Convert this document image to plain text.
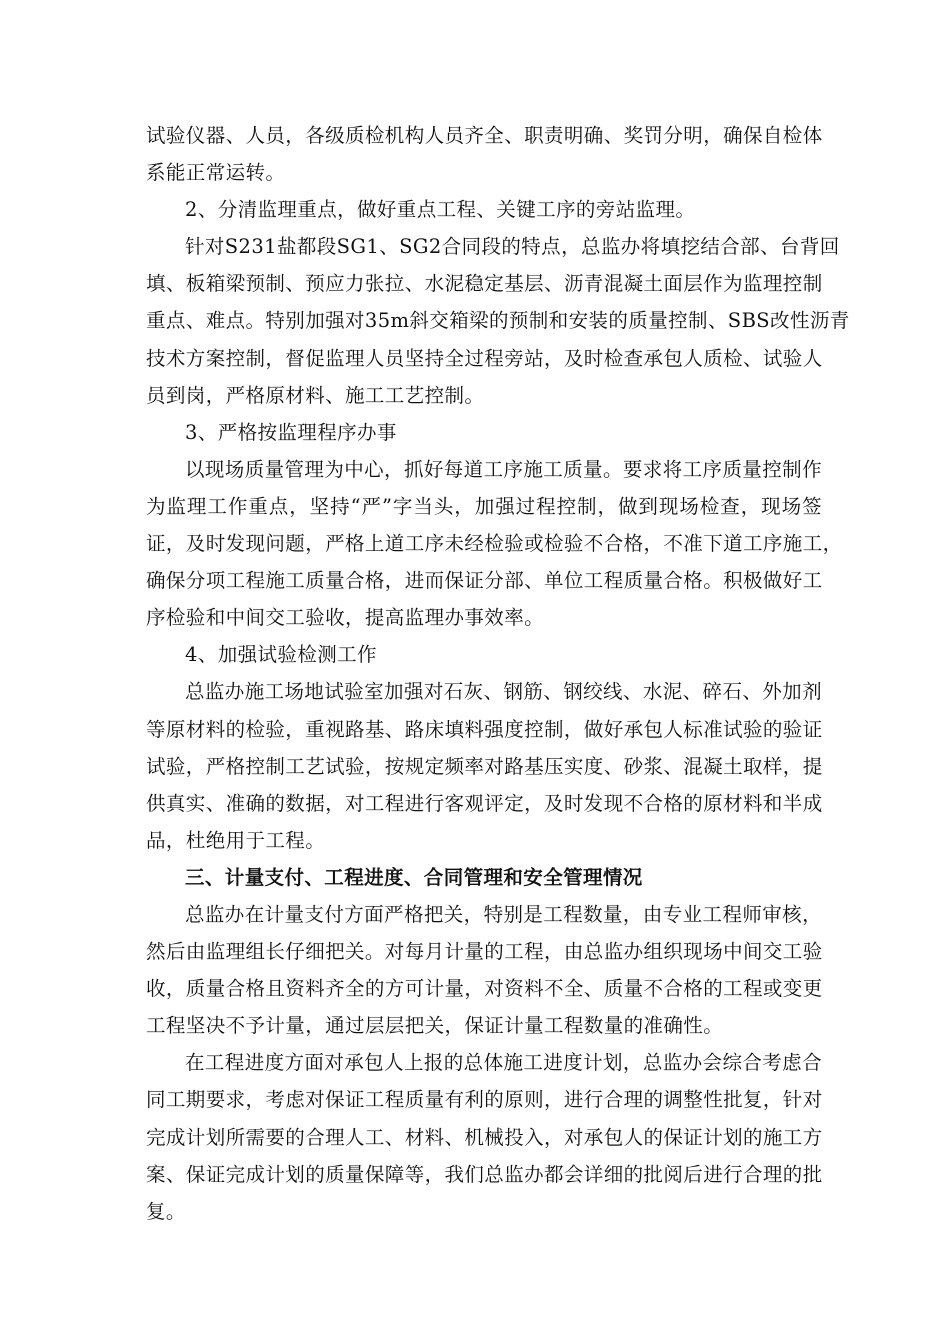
试验仪器、人员，各级质检机构人员齐全、职责明确、奖罚分明，确保自检体
系能正常运转。
2、分清监理重点，做好重点工程、关键工序的旁站监理。
针对S231盐都段SG1、SG2合同段的特点，总监办将填挖结合部、台背回
填、板箱梁预制、预应力张拉、水泥稳定基层、沥青混凝土面层作为监理控制
重点、难点。特别加强对35m斜交箱梁的预制和安装的质量控制、SBS改性沥青
技术方案控制，督促监理人员坚持全过程旁站，及时检查承包人质检、试验人
员到岗，严格原材料、施工工艺控制。
3、严格按监理程序办事
以现场质量管理为中心，抓好每道工序施工质量。要求将工序质量控制作
为监理工作重点，坚持“严”字当头，加强过程控制，做到现场检查，现场签
证，及时发现问题，严格上道工序未经检验或检验不合格，不准下道工序施工，
确保分项工程施工质量合格，进而保证分部、单位工程质量合格。积极做好工
序检验和中间交工验收，提高监理办事效率。
4、加强试验检测工作
总监办施工场地试验室加强对石灰、钢筋、钢绞线、水泥、碎石、外加剂
等原材料的检验，重视路基、路床填料强度控制，做好承包人标准试验的验证
试验，严格控制工艺试验，按规定频率对路基压实度、砂浆、混凝土取样，提
供真实、准确的数据，对工程进行客观评定，及时发现不合格的原材料和半成
品，杜绝用于工程。
三、计量支付、工程进度、合同管理和安全管理情况
总监办在计量支付方面严格把关，特别是工程数量，由专业工程师审核，
然后由监理组长仔细把关。对每月计量的工程，由总监办组织现场中间交工验
收，质量合格且资料齐全的方可计量，对资料不全、质量不合格的工程或变更
工程坚决不予计量，通过层层把关，保证计量工程数量的准确性。
在工程进度方面对承包人上报的总体施工进度计划，总监办会综合考虑合
同工期要求，考虑对保证工程质量有利的原则，进行合理的调整性批复，针对
完成计划所需要的合理人工、材料、机械投入，对承包人的保证计划的施工方
案、保证完成计划的质量保障等，我们总监办都会详细的批阅后进行合理的批
复。
